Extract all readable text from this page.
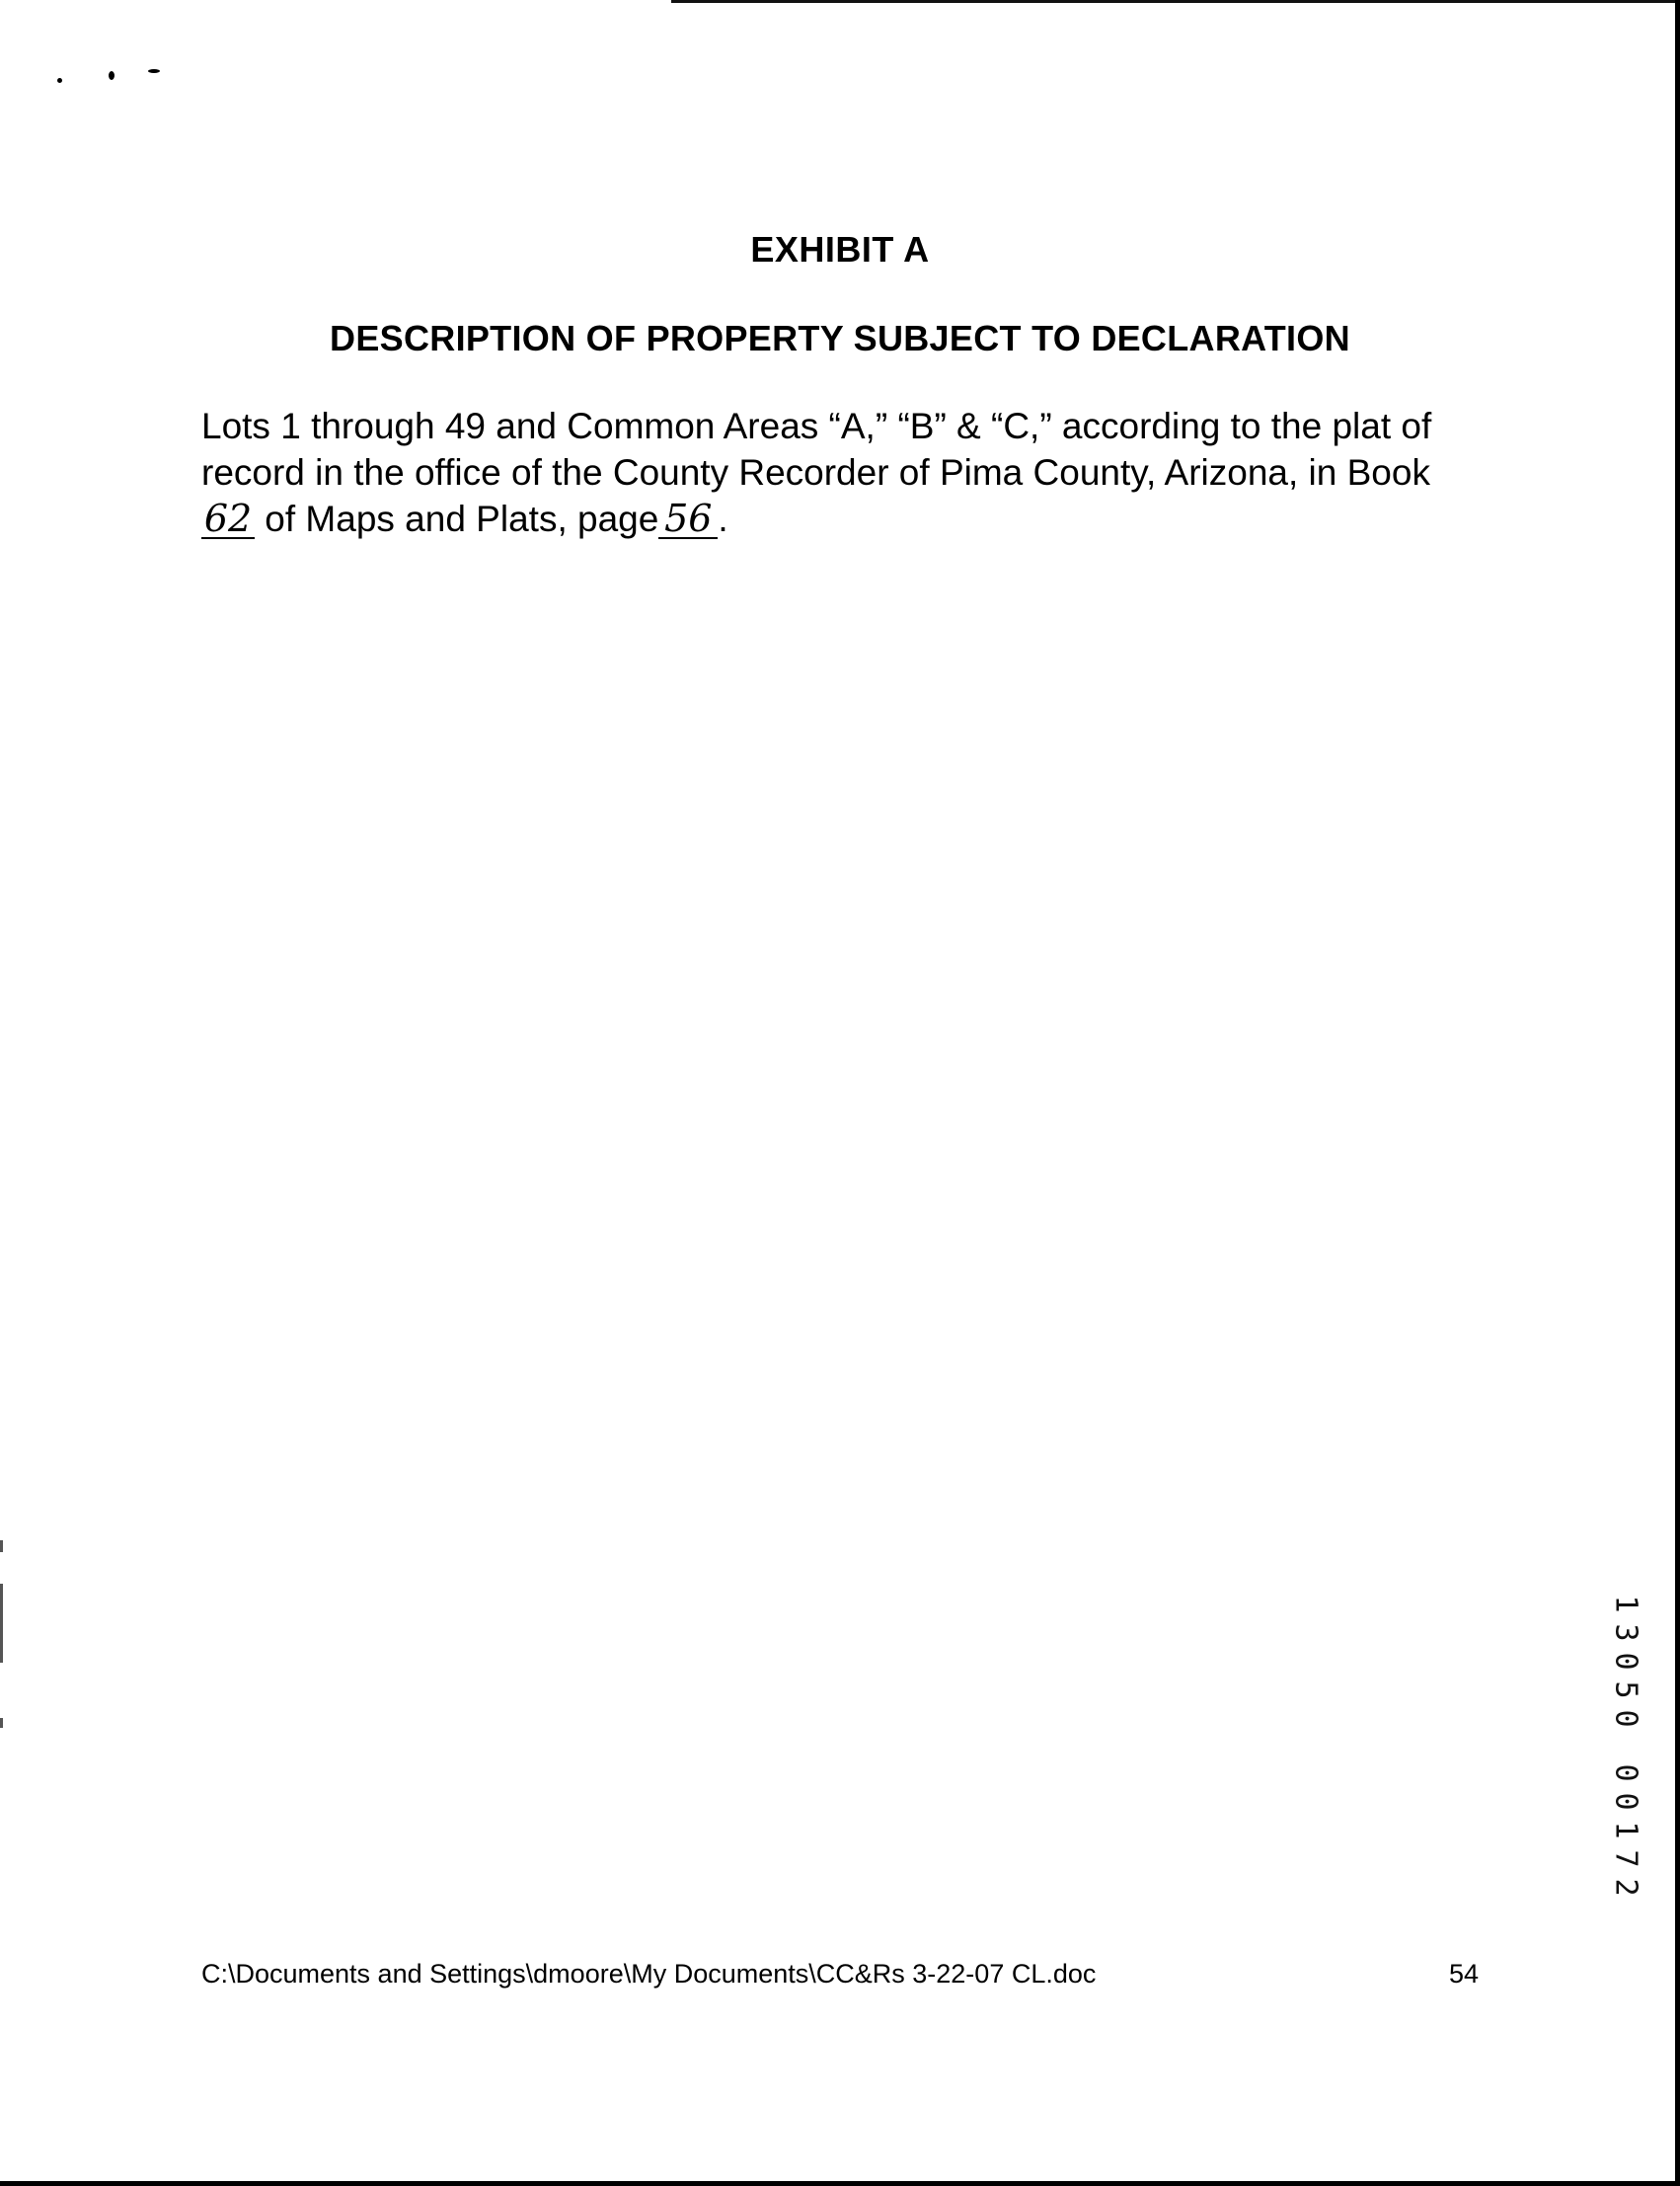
EXHIBIT A
DESCRIPTION OF PROPERTY SUBJECT TO DECLARATION
Lots 1 through 49 and Common Areas “A,” “B” & “C,” according to the plat of
record in the office of the County Recorder of Pima County, Arizona, in Book
62 of Maps and Plats, page 56 .
C:\Documents and Settings\dmoore\My Documents\CC&Rs 3-22-07 CL.doc	54
1
3
0
5
0
0
0
1
7
2
